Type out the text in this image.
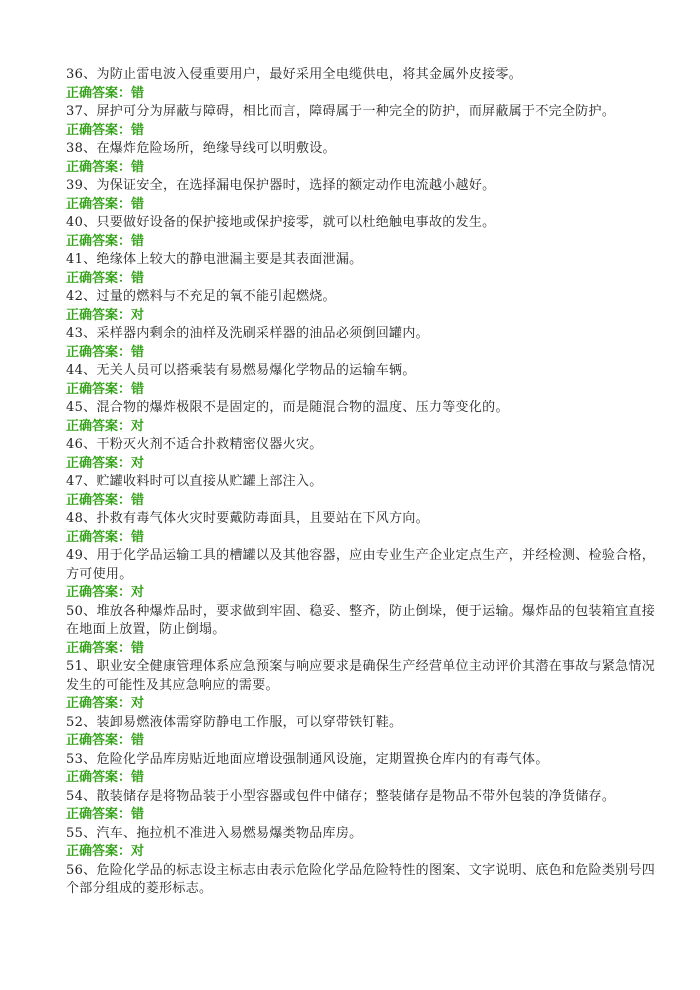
36、为防止雷电波入侵重要用户，最好采用全电缆供电，将其金属外皮接零。

正确答案：错

37、屏护可分为屏蔽与障碍，相比而言，障碍属于一种完全的防护，而屏蔽属于不完全防护。

正确答案：错

38、在爆炸危险场所，绝缘导线可以明敷设。

正确答案：错

39、为保证安全，在选择漏电保护器时，选择的额定动作电流越小越好。

正确答案：错

40、只要做好设备的保护接地或保护接零，就可以杜绝触电事故的发生。

正确答案：错

41、绝缘体上较大的静电泄漏主要是其表面泄漏。

正确答案：错

42、过量的燃料与不充足的氧不能引起燃烧。

正确答案：对

43、采样器内剩余的油样及洗刷采样器的油品必须倒回罐内。

正确答案：错

44、无关人员可以搭乘装有易燃易爆化学物品的运输车辆。

正确答案：错

45、混合物的爆炸极限不是固定的，而是随混合物的温度、压力等变化的。

正确答案：对

46、干粉灭火剂不适合扑救精密仪器火灾。

正确答案：对

47、贮罐收料时可以直接从贮罐上部注入。

正确答案：错

48、扑救有毒气体火灾时要戴防毒面具，且要站在下风方向。

正确答案：错

49、用于化学品运输工具的槽罐以及其他容器，应由专业生产企业定点生产，并经检测、检验合格，方可使用。

正确答案：对

50、堆放各种爆炸品时，要求做到牢固、稳妥、整齐，防止倒垛，便于运输。爆炸品的包装箱宜直接在地面上放置，防止倒塌。

正确答案：错

51、职业安全健康管理体系应急预案与响应要求是确保生产经营单位主动评价其潜在事故与紧急情况发生的可能性及其应急响应的需要。

正确答案：对

52、装卸易燃液体需穿防静电工作服，可以穿带铁钉鞋。

正确答案：错

53、危险化学品库房贴近地面应增设强制通风设施，定期置换仓库内的有毒气体。

正确答案：错

54、散装储存是将物品装于小型容器或包件中储存；整装储存是物品不带外包装的净货储存。

正确答案：错

55、汽车、拖拉机不准进入易燃易爆类物品库房。

正确答案：对

56、危险化学品的标志设主标志由表示危险化学品危险特性的图案、文字说明、底色和危险类别号四个部分组成的菱形标志。
